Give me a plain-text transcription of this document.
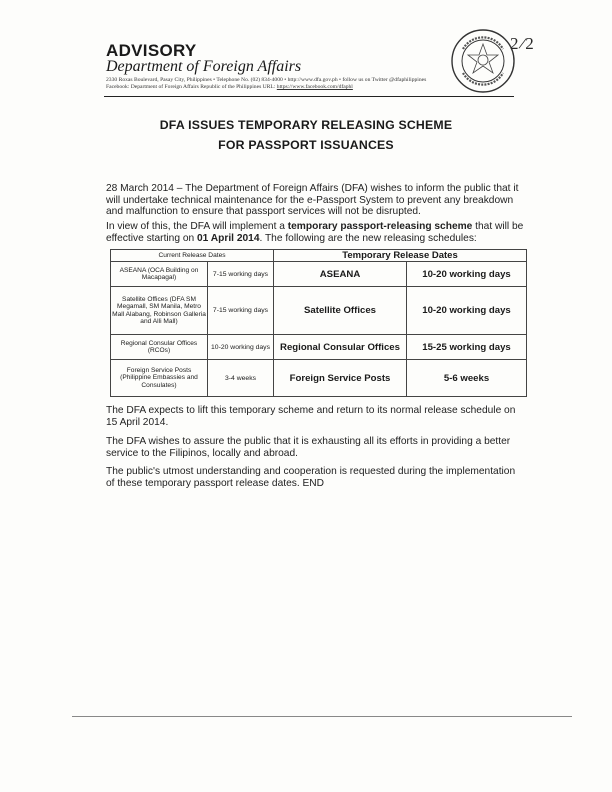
ADVISORY
Department of Foreign Affairs
2330 Roxas Boulevard, Pasay City, Philippines • Telephone No. (02) 834-4000 • http://www.dfa.gov.ph • follow us on Twitter @dfaphilippines
Facebook: Department of Foreign Affairs Republic of the Philippines URL: https://www.facebook.com/dfaphl
2/2
DFA ISSUES TEMPORARY RELEASING SCHEME
FOR PASSPORT ISSUANCES
28 March 2014 – The Department of Foreign Affairs (DFA) wishes to inform the public that it will undertake technical maintenance for the e-Passport System to prevent any breakdown and malfunction to ensure that passport services will not be disrupted.
In view of this, the DFA will implement a temporary passport-releasing scheme that will be effective starting on 01 April 2014. The following are the new releasing schedules:
Current Release Dates		Temporary Release Dates	
ASEANA (OCA Building on Macapagal)	7-15 working days	ASEANA	10-20 working days
Satellite Offices (DFA SM Megamall, SM Manila, Metro Mall Alabang, Robinson Galleria and Alli Mall)	7-15 working days	Satellite Offices	10-20 working days
Regional Consular Offices (RCOs)	10-20 working days	Regional Consular Offices	15-25 working days
Foreign Service Posts (Philippine Embassies and Consulates)	3-4 weeks	Foreign Service Posts	5-6 weeks
The DFA expects to lift this temporary scheme and return to its normal release schedule on 15 April 2014.
The DFA wishes to assure the public that it is exhausting all its efforts in providing a better service to the Filipinos, locally and abroad.
The public's utmost understanding and cooperation is requested during the implementation of these temporary passport release dates. END
